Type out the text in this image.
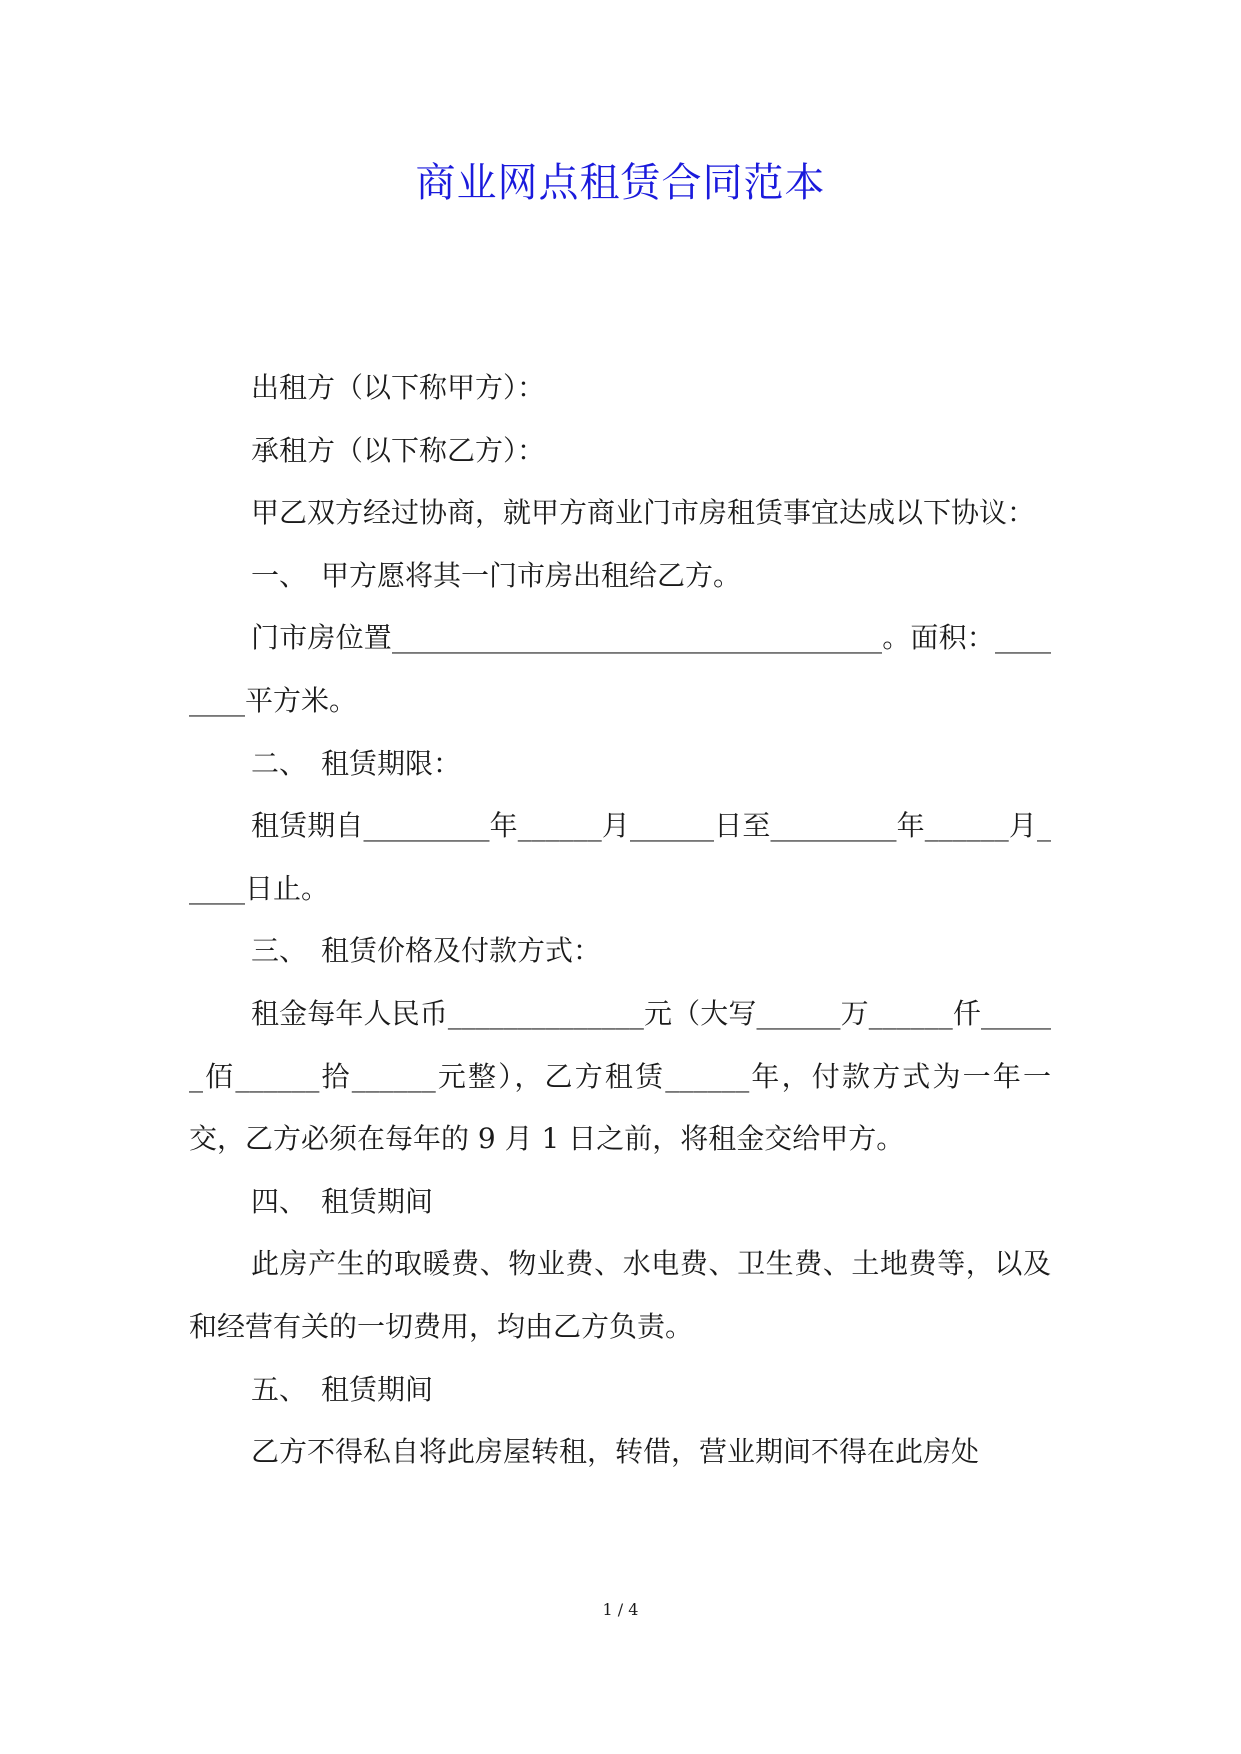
商业网点租赁合同范本

出租方（以下称甲方）：

承租方（以下称乙方）：

甲乙双方经过协商，就甲方商业门市房租赁事宜达成以下协议：

一、　甲方愿将其一门市房出租给乙方。

门市房位置___________________________________。面积：________平方米。

二、　租赁期限：

租赁期自_________年______月______日至_________年______月_____日止。

三、　租赁价格及付款方式：

租金每年人民币______________元（大写______万______仟______佰______拾______元整），乙方租赁______年，付款方式为一年一交，乙方必须在每年的 9 月 1 日之前，将租金交给甲方。

四、　租赁期间

此房产生的取暖费、物业费、水电费、卫生费、土地费等，以及和经营有关的一切费用，均由乙方负责。

五、　租赁期间

乙方不得私自将此房屋转租，转借，营业期间不得在此房处

1 / 4
